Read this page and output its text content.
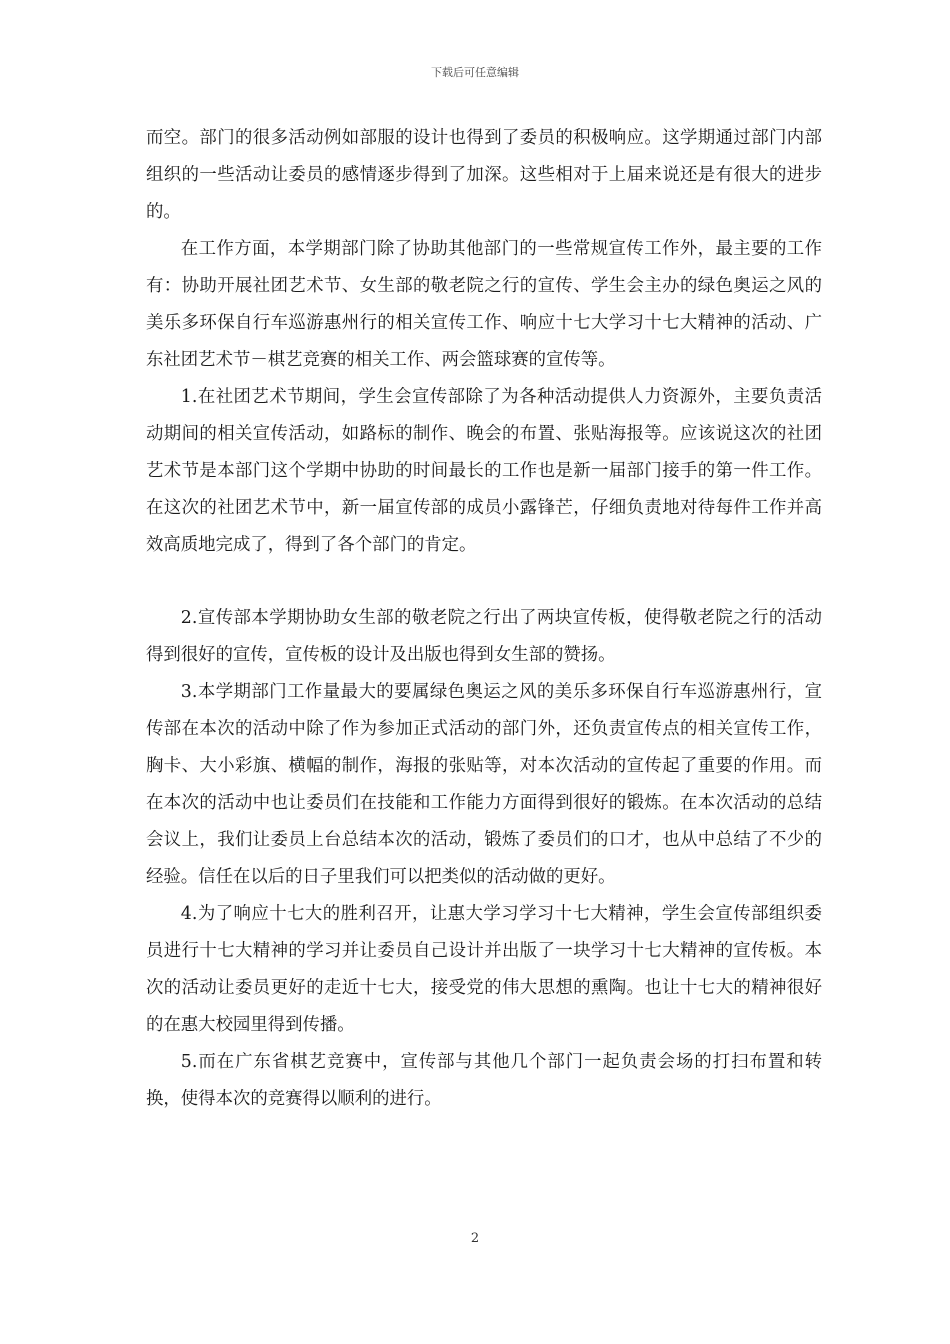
下载后可任意编辑

而空。部门的很多活动例如部服的设计也得到了委员的积极响应。这学期通过部门内部组织的一些活动让委员的感情逐步得到了加深。这些相对于上届来说还是有很大的进步的。

在工作方面，本学期部门除了协助其他部门的一些常规宣传工作外，最主要的工作有：协助开展社团艺术节、女生部的敬老院之行的宣传、学生会主办的绿色奥运之风的美乐多环保自行车巡游惠州行的相关宣传工作、响应十七大学习十七大精神的活动、广东社团艺术节－棋艺竞赛的相关工作、两会篮球赛的宣传等。

1.在社团艺术节期间，学生会宣传部除了为各种活动提供人力资源外，主要负责活动期间的相关宣传活动，如路标的制作、晚会的布置、张贴海报等。应该说这次的社团艺术节是本部门这个学期中协助的时间最长的工作也是新一届部门接手的第一件工作。在这次的社团艺术节中，新一届宣传部的成员小露锋芒，仔细负责地对待每件工作并高效高质地完成了，得到了各个部门的肯定。

2.宣传部本学期协助女生部的敬老院之行出了两块宣传板，使得敬老院之行的活动得到很好的宣传，宣传板的设计及出版也得到女生部的赞扬。

3.本学期部门工作量最大的要属绿色奥运之风的美乐多环保自行车巡游惠州行，宣传部在本次的活动中除了作为参加正式活动的部门外，还负责宣传点的相关宣传工作，胸卡、大小彩旗、横幅的制作，海报的张贴等，对本次活动的宣传起了重要的作用。而在本次的活动中也让委员们在技能和工作能力方面得到很好的锻炼。在本次活动的总结会议上，我们让委员上台总结本次的活动，锻炼了委员们的口才，也从中总结了不少的经验。信任在以后的日子里我们可以把类似的活动做的更好。

4.为了响应十七大的胜利召开，让惠大学习学习十七大精神，学生会宣传部组织委员进行十七大精神的学习并让委员自己设计并出版了一块学习十七大精神的宣传板。本次的活动让委员更好的走近十七大，接受党的伟大思想的熏陶。也让十七大的精神很好的在惠大校园里得到传播。

5.而在广东省棋艺竞赛中，宣传部与其他几个部门一起负责会场的打扫布置和转换，使得本次的竞赛得以顺利的进行。

2
